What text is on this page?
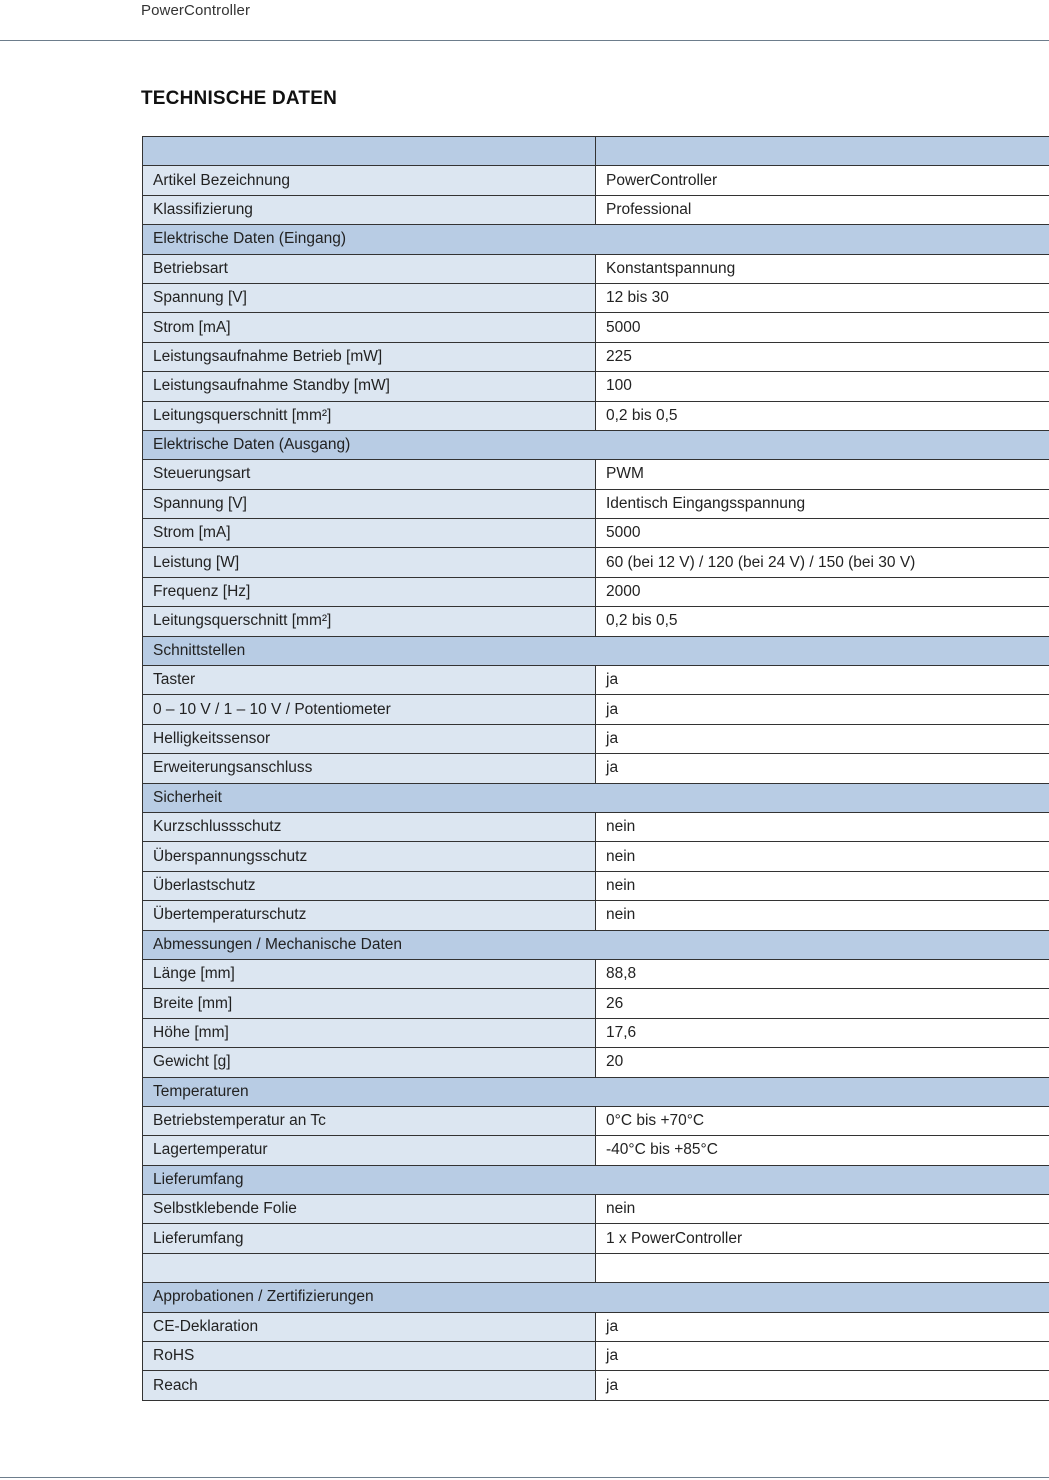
PowerController
TECHNISCHE DATEN

Artikel Bezeichnung	PowerController
Klassifizierung	Professional
Elektrische Daten (Eingang)	
Betriebsart	Konstantspannung
Spannung [V]	12 bis 30
Strom [mA]	5000
Leistungsaufnahme Betrieb [mW]	225
Leistungsaufnahme Standby [mW]	100
Leitungsquerschnitt [mm²]	0,2 bis 0,5
Elektrische Daten (Ausgang)	
Steuerungsart	PWM
Spannung [V]	Identisch Eingangsspannung
Strom [mA]	5000
Leistung [W]	60 (bei 12 V) / 120 (bei 24 V) / 150 (bei 30 V)
Frequenz [Hz]	2000
Leitungsquerschnitt [mm²]	0,2 bis 0,5
Schnittstellen	
Taster	ja
0 – 10 V / 1 – 10 V / Potentiometer	ja
Helligkeitssensor	ja
Erweiterungsanschluss	ja
Sicherheit	
Kurzschlussschutz	nein
Überspannungsschutz	nein
Überlastschutz	nein
Übertemperaturschutz	nein
Abmessungen / Mechanische Daten	
Länge [mm]	88,8
Breite [mm]	26
Höhe [mm]	17,6
Gewicht [g]	20
Temperaturen	
Betriebstemperatur an Tc	0°C bis +70°C
Lagertemperatur	-40°C bis +85°C
Lieferumfang	
Selbstklebende Folie	nein
Lieferumfang	1 x PowerController

Approbationen / Zertifizierungen	
CE-Deklaration	ja
RoHS	ja
Reach	ja
